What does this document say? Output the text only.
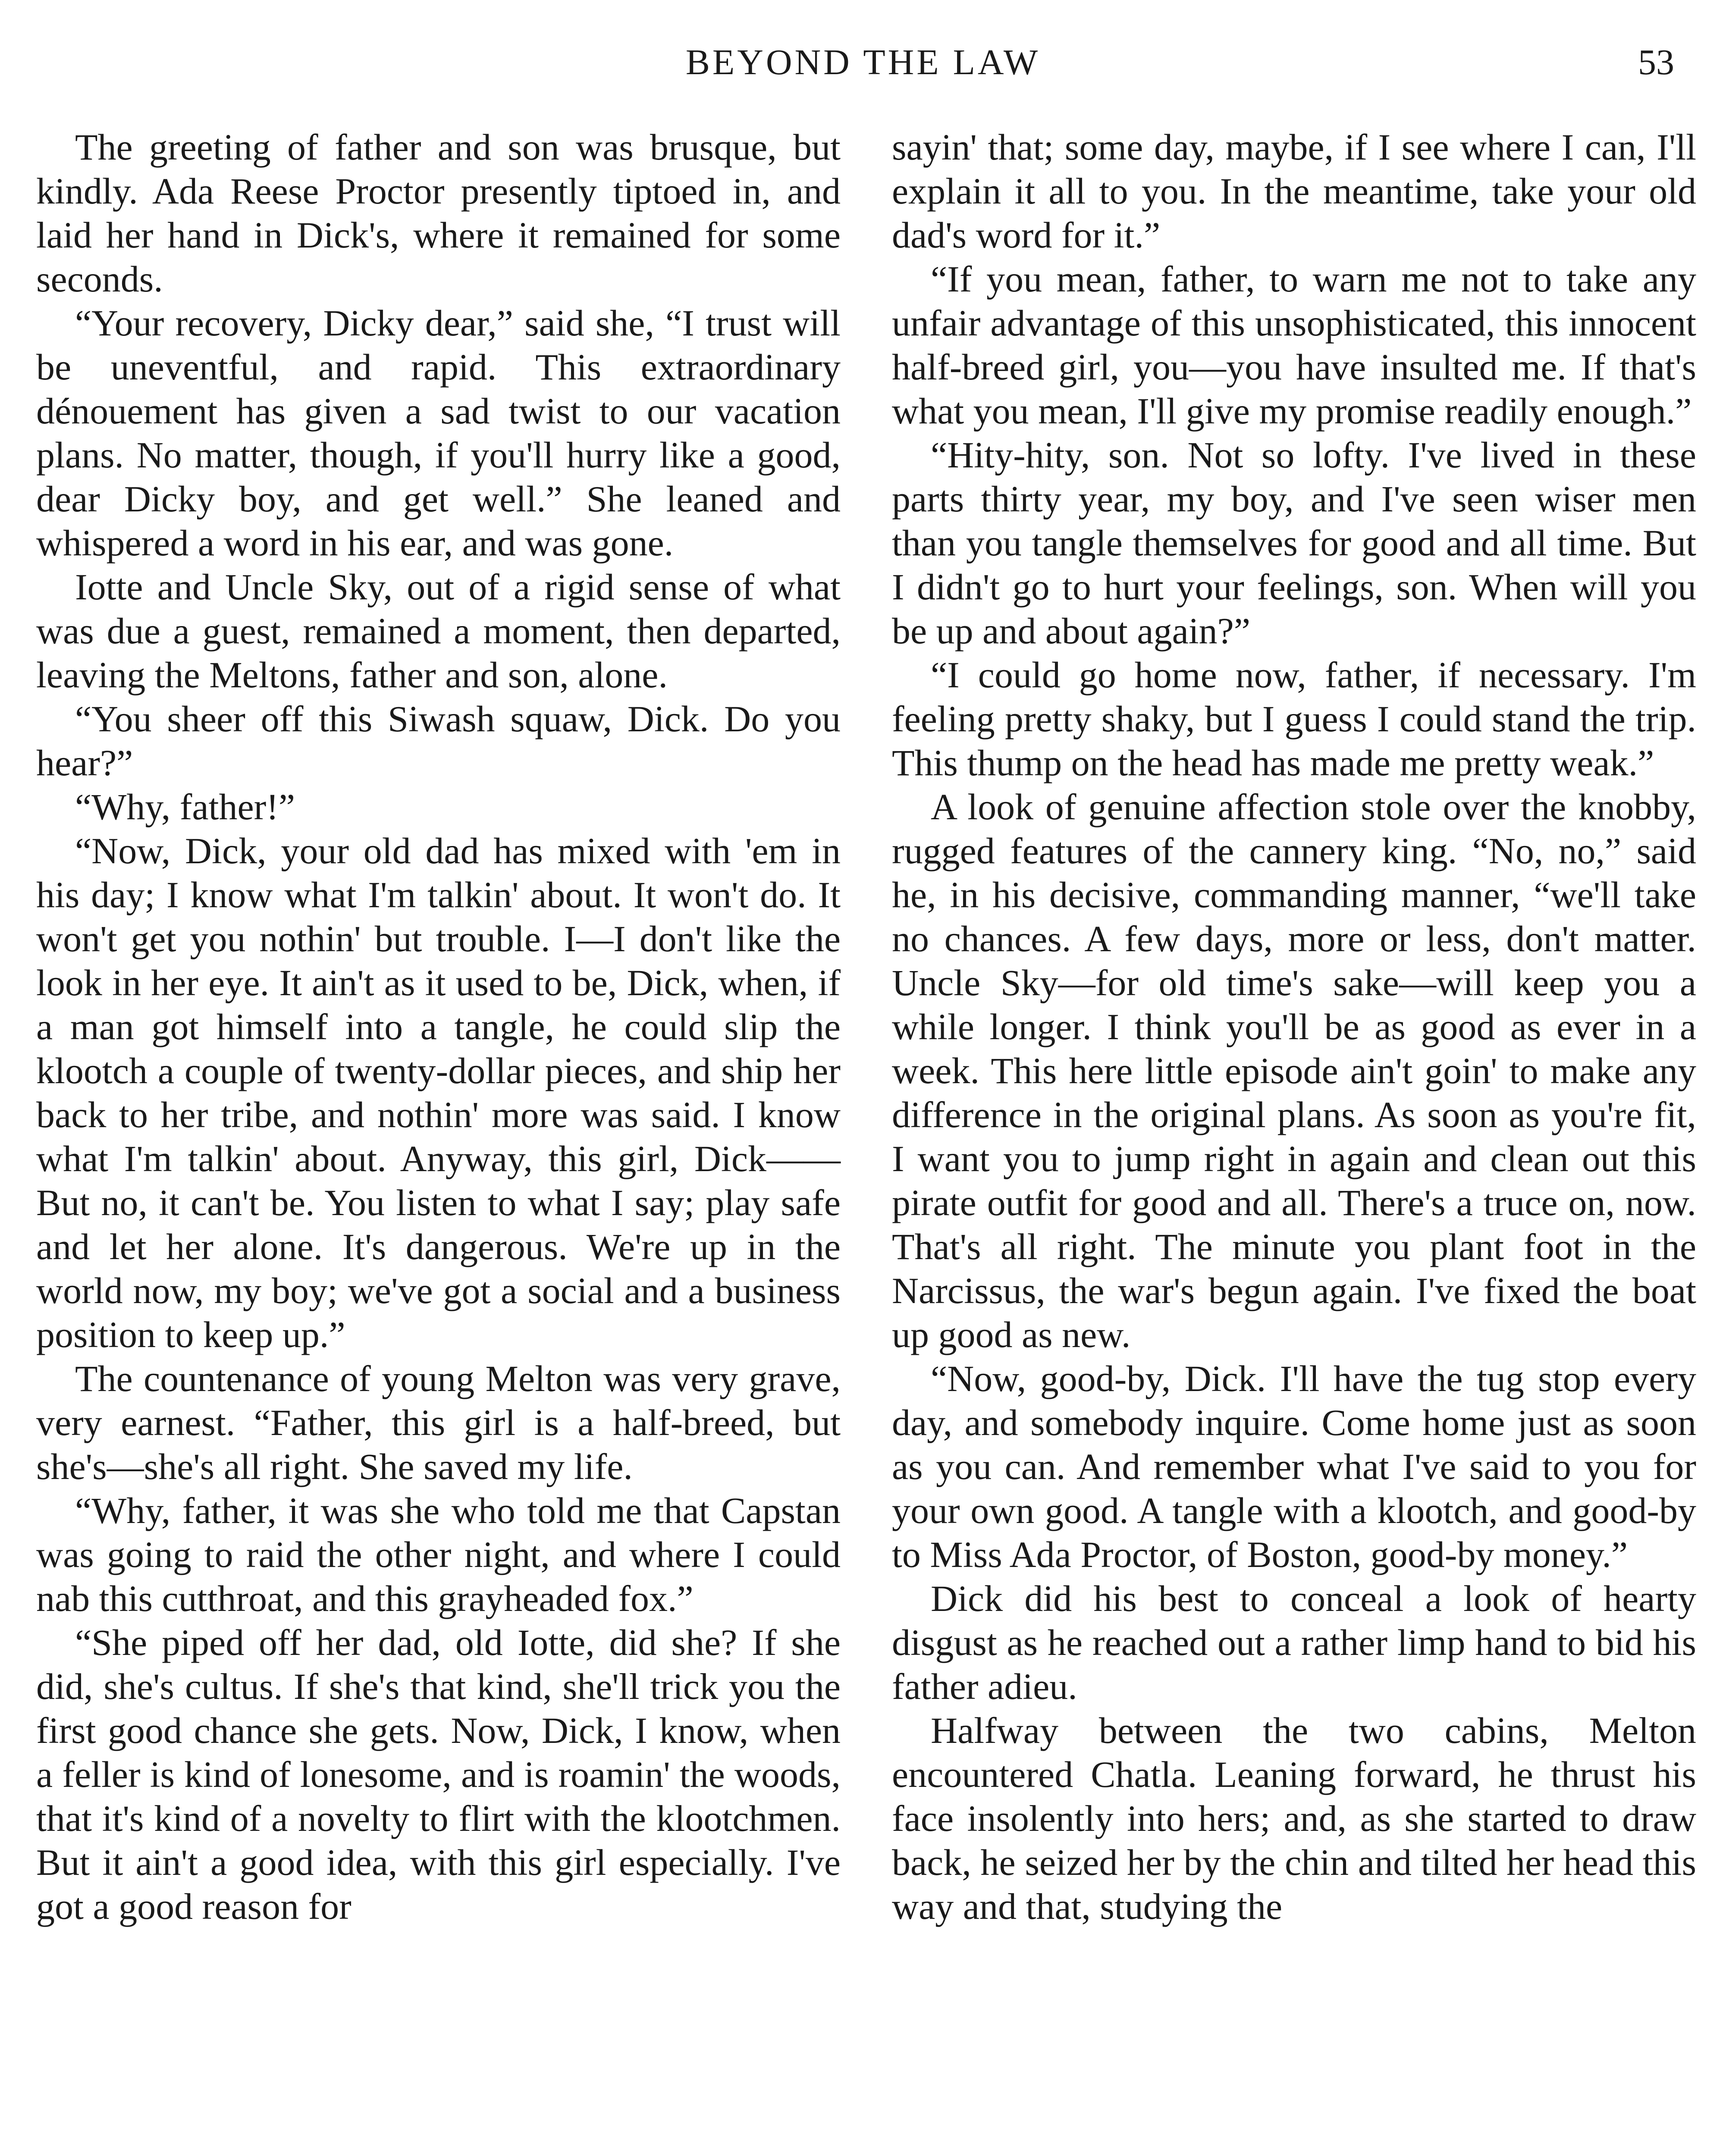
BEYOND THE LAW	53

The greeting of father and son was brusque, but kindly. Ada Reese Proctor presently tiptoed in, and laid her hand in Dick's, where it remained for some seconds.

“Your recovery, Dicky dear,” said she, “I trust will be uneventful, and rapid. This extraordinary dénouement has given a sad twist to our vacation plans. No matter, though, if you'll hurry like a good, dear Dicky boy, and get well.” She leaned and whispered a word in his ear, and was gone.

Iotte and Uncle Sky, out of a rigid sense of what was due a guest, remained a moment, then departed, leaving the Meltons, father and son, alone.

“You sheer off this Siwash squaw, Dick. Do you hear?”

“Why, father!”

“Now, Dick, your old dad has mixed with 'em in his day; I know what I'm talkin' about. It won't do. It won't get you nothin' but trouble. I—I don't like the look in her eye. It ain't as it used to be, Dick, when, if a man got himself into a tangle, he could slip the klootch a couple of twenty-dollar pieces, and ship her back to her tribe, and nothin' more was said. I know what I'm talkin' about. Anyway, this girl, Dick—— But no, it can't be. You listen to what I say; play safe and let her alone. It's dangerous. We're up in the world now, my boy; we've got a social and a business position to keep up.”

The countenance of young Melton was very grave, very earnest. “Father, this girl is a half-breed, but she's—she's all right. She saved my life.

“Why, father, it was she who told me that Capstan was going to raid the other night, and where I could nab this cutthroat, and this grayheaded fox.”

“She piped off her dad, old Iotte, did she? If she did, she's cultus. If she's that kind, she'll trick you the first good chance she gets. Now, Dick, I know, when a feller is kind of lonesome, and is roamin' the woods, that it's kind of a novelty to flirt with the klootchmen. But it ain't a good idea, with this girl especially. I've got a good reason for

sayin' that; some day, maybe, if I see where I can, I'll explain it all to you. In the meantime, take your old dad's word for it.”

“If you mean, father, to warn me not to take any unfair advantage of this unsophisticated, this innocent half-breed girl, you—you have insulted me. If that's what you mean, I'll give my promise readily enough.”

“Hity-hity, son. Not so lofty. I've lived in these parts thirty year, my boy, and I've seen wiser men than you tangle themselves for good and all time. But I didn't go to hurt your feelings, son. When will you be up and about again?”

“I could go home now, father, if necessary. I'm feeling pretty shaky, but I guess I could stand the trip. This thump on the head has made me pretty weak.”

A look of genuine affection stole over the knobby, rugged features of the cannery king. “No, no,” said he, in his decisive, commanding manner, “we'll take no chances. A few days, more or less, don't matter. Uncle Sky—for old time's sake—will keep you a while longer. I think you'll be as good as ever in a week. This here little episode ain't goin' to make any difference in the original plans. As soon as you're fit, I want you to jump right in again and clean out this pirate outfit for good and all. There's a truce on, now. That's all right. The minute you plant foot in the Narcissus, the war's begun again. I've fixed the boat up good as new.

“Now, good-by, Dick. I'll have the tug stop every day, and somebody inquire. Come home just as soon as you can. And remember what I've said to you for your own good. A tangle with a klootch, and good-by to Miss Ada Proctor, of Boston, good-by money.”

Dick did his best to conceal a look of hearty disgust as he reached out a rather limp hand to bid his father adieu.

Halfway between the two cabins, Melton encountered Chatla. Leaning forward, he thrust his face insolently into hers; and, as she started to draw back, he seized her by the chin and tilted her head this way and that, studying the
